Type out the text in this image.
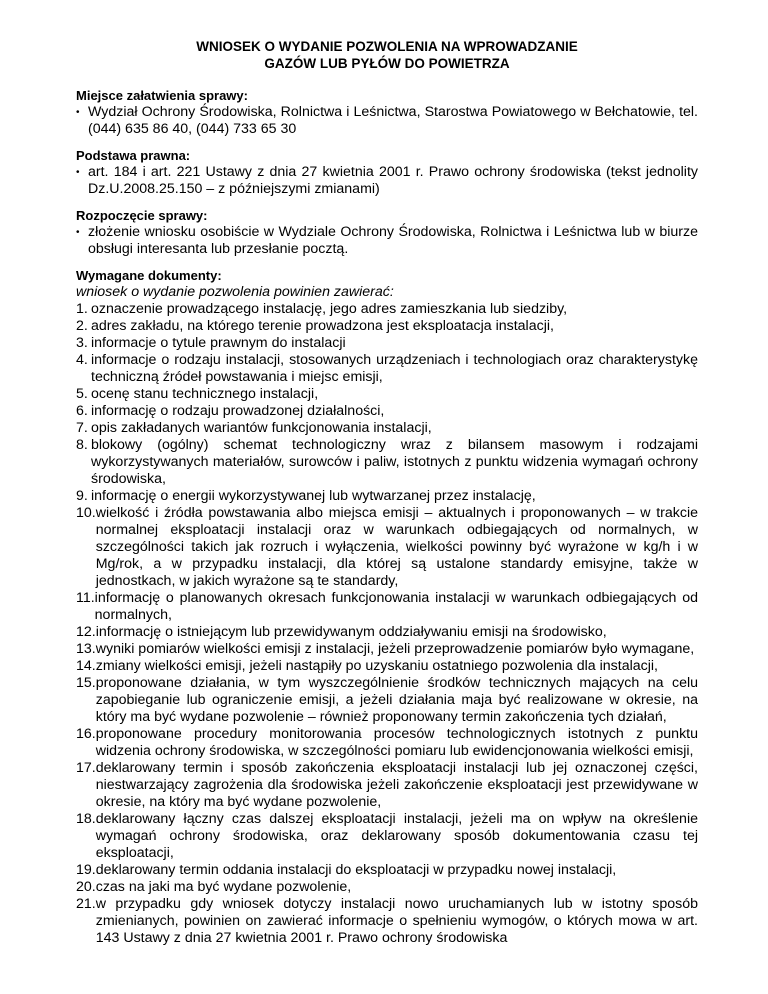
WNIOSEK O WYDANIE POZWOLENIA NA WPROWADZANIE
GAZÓW LUB PYŁÓW DO POWIETRZA

Miejsce załatwienia sprawy:

• Wydział Ochrony Środowiska, Rolnictwa i Leśnictwa, Starostwa Powiatowego w Bełchatowie, tel. (044) 635 86 40, (044) 733 65 30

Podstawa prawna:

• art. 184 i art. 221 Ustawy z dnia 27 kwietnia 2001 r. Prawo ochrony środowiska (tekst jednolity Dz.U.2008.25.150 – z późniejszymi zmianami)

Rozpoczęcie sprawy:

• złożenie wniosku osobiście w Wydziale Ochrony Środowiska, Rolnictwa i Leśnictwa lub w biurze obsługi interesanta lub przesłanie pocztą.

Wymagane dokumenty:

wniosek o wydanie pozwolenia powinien zawierać:

1. oznaczenie prowadzącego instalację, jego adres zamieszkania lub siedziby,
2. adres zakładu, na którego terenie prowadzona jest eksploatacja instalacji,
3. informacje o tytule prawnym do instalacji
4. informacje o rodzaju instalacji, stosowanych urządzeniach i technologiach oraz charakterystykę techniczną źródeł powstawania i miejsc emisji,
5. ocenę stanu technicznego instalacji,
6. informację o rodzaju prowadzonej działalności,
7. opis zakładanych wariantów funkcjonowania instalacji,
8. blokowy (ogólny) schemat technologiczny wraz z bilansem masowym i rodzajami wykorzystywanych materiałów, surowców i paliw, istotnych z punktu widzenia wymagań ochrony środowiska,
9. informację o energii wykorzystywanej lub wytwarzanej przez instalację,
10. wielkość i źródła powstawania albo miejsca emisji – aktualnych i proponowanych – w trakcie normalnej eksploatacji instalacji oraz w warunkach odbiegających od normalnych, w szczególności takich jak rozruch i wyłączenia, wielkości powinny być wyrażone w kg/h i w Mg/rok, a w przypadku instalacji, dla której są ustalone standardy emisyjne, także w jednostkach, w jakich wyrażone są te standardy,
11. informację o planowanych okresach funkcjonowania instalacji w warunkach odbiegających od normalnych,
12. informację o istniejącym lub przewidywanym oddziaływaniu emisji na środowisko,
13. wyniki pomiarów wielkości emisji z instalacji, jeżeli przeprowadzenie pomiarów było wymagane,
14. zmiany wielkości emisji, jeżeli nastąpiły po uzyskaniu ostatniego pozwolenia dla instalacji,
15. proponowane działania, w tym wyszczególnienie środków technicznych mających na celu zapobieganie lub ograniczenie emisji, a jeżeli działania maja być realizowane w okresie, na który ma być wydane pozwolenie – również proponowany termin zakończenia tych działań,
16. proponowane procedury monitorowania procesów technologicznych istotnych z punktu widzenia ochrony środowiska, w szczególności pomiaru lub ewidencjonowania wielkości emisji,
17. deklarowany termin i sposób zakończenia eksploatacji instalacji lub jej oznaczonej części, niestwarzający zagrożenia dla środowiska jeżeli zakończenie eksploatacji jest przewidywane w okresie, na który ma być wydane pozwolenie,
18. deklarowany łączny czas dalszej eksploatacji instalacji, jeżeli ma on wpływ na określenie wymagań ochrony środowiska, oraz deklarowany sposób dokumentowania czasu tej eksploatacji,
19. deklarowany termin oddania instalacji do eksploatacji w przypadku nowej instalacji,
20. czas na jaki ma być wydane pozwolenie,
21. w przypadku gdy wniosek dotyczy instalacji nowo uruchamianych lub w istotny sposób zmienianych, powinien on zawierać informacje o spełnieniu wymogów, o których mowa w art. 143 Ustawy z dnia 27 kwietnia 2001 r. Prawo ochrony środowiska
